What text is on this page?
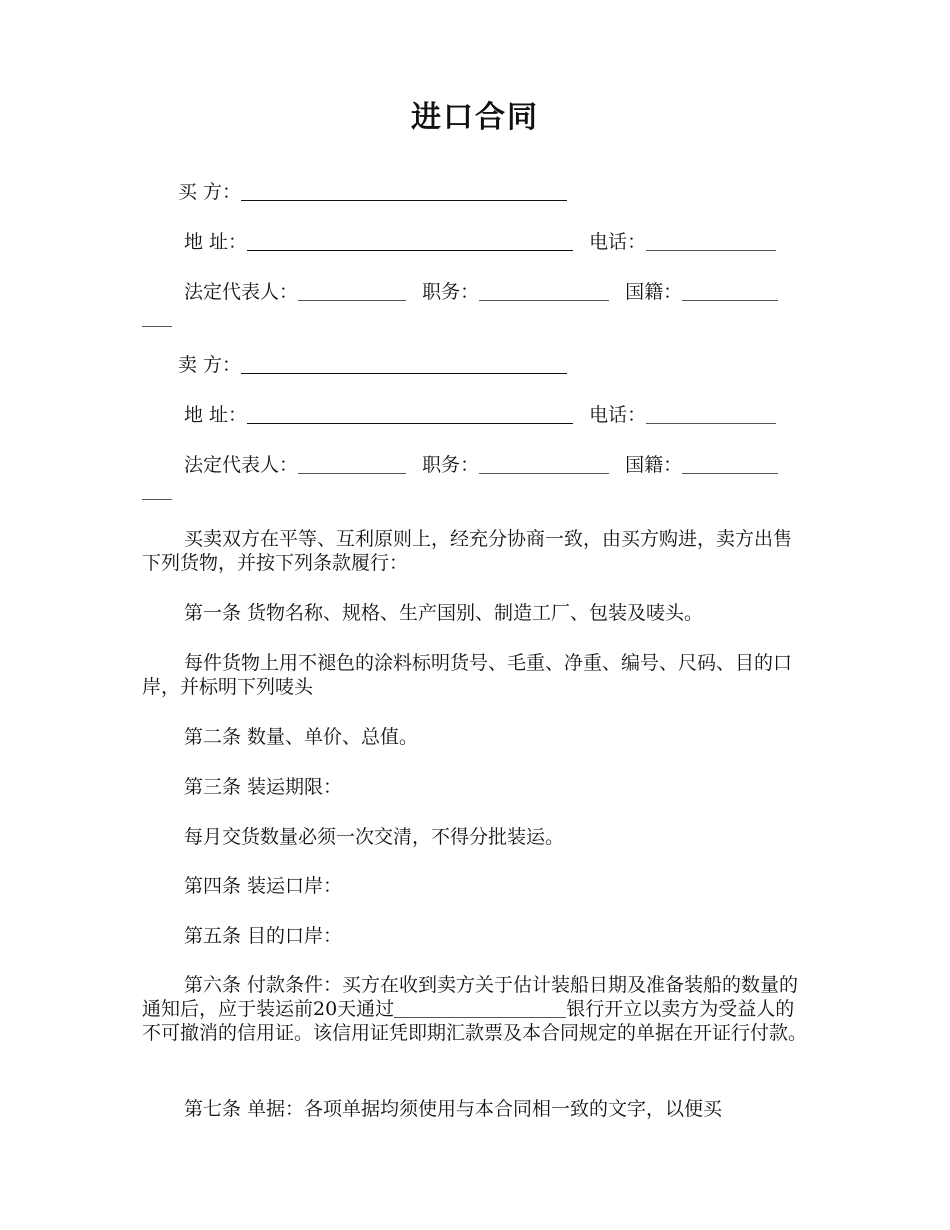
进口合同
买 方：
地 址：	电话：
法定代表人：	职务：	国籍：
卖 方：
地 址：	电话：
法定代表人：	职务：	国籍：
买卖双方在平等、互利原则上，经充分协商一致，由买方购进，卖方出售下列货物，并按下列条款履行：
第一条 货物名称、规格、生产国别、制造工厂、包装及唛头。
每件货物上用不褪色的涂料标明货号、毛重、净重、编号、尺码、目的口岸，并标明下列唛头
第二条 数量、单价、总值。
第三条 装运期限：
每月交货数量必须一次交清，不得分批装运。
第四条 装运口岸：
第五条 目的口岸：
第六条 付款条件：买方在收到卖方关于估计装船日期及准备装船的数量的通知后，应于装运前20天通过	银行开立以卖方为受益人的不可撤消的信用证。该信用证凭即期汇款票及本合同规定的单据在开证行付款。
第七条 单据：各项单据均须使用与本合同相一致的文字，以便买
